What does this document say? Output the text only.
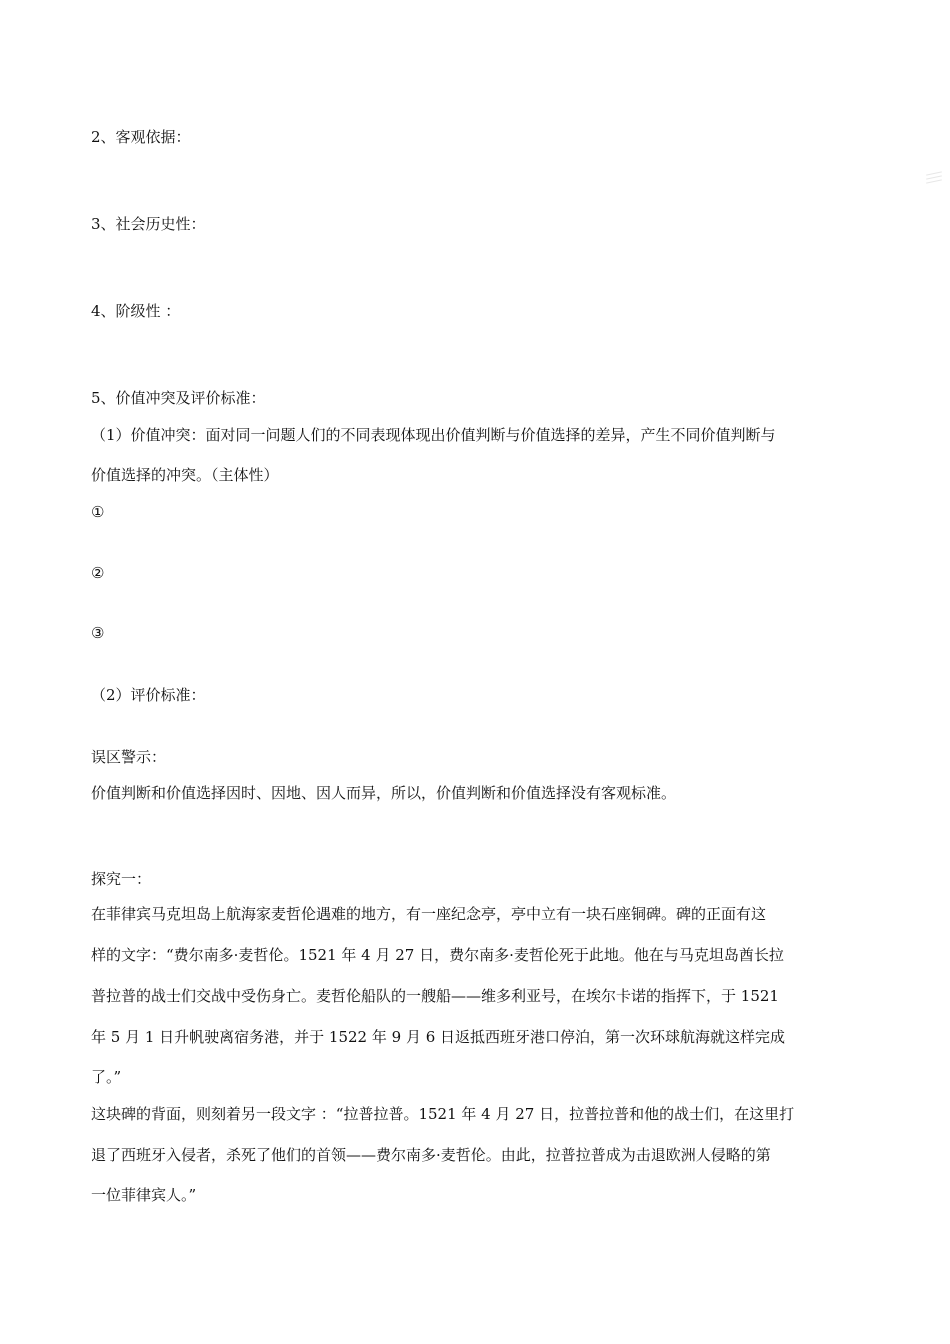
2、客观依据：
3、社会历史性：
4、阶级性 ：
5、价值冲突及评价标准：
（1）价值冲突：面对同一问题人们的不同表现体现出价值判断与价值选择的差异，产生不同价值判断与
价值选择的冲突。（主体性）
①
②
③
（2）评价标准：
误区警示：
价值判断和价值选择因时、因地、因人而异，所以，价值判断和价值选择没有客观标准。
探究一：
在菲律宾马克坦岛上航海家麦哲伦遇难的地方，有一座纪念亭，亭中立有一块石座铜碑。碑的正面有这
样的文字：“费尔南多·麦哲伦。1521 年 4 月 27 日，费尔南多·麦哲伦死于此地。他在与马克坦岛酋长拉
普拉普的战士们交战中受伤身亡。麦哲伦船队的一艘船——维多利亚号，在埃尔卡诺的指挥下，于 1521
年 5 月 1 日升帆驶离宿务港，并于 1522 年 9 月 6 日返抵西班牙港口停泊，第一次环球航海就这样完成
了。”
这块碑的背面，则刻着另一段文字 ：“拉普拉普。1521 年 4 月 27 日，拉普拉普和他的战士们，在这里打
退了西班牙入侵者，杀死了他们的首领——费尔南多·麦哲伦。由此，拉普拉普成为击退欧洲人侵略的第
一位菲律宾人。”
